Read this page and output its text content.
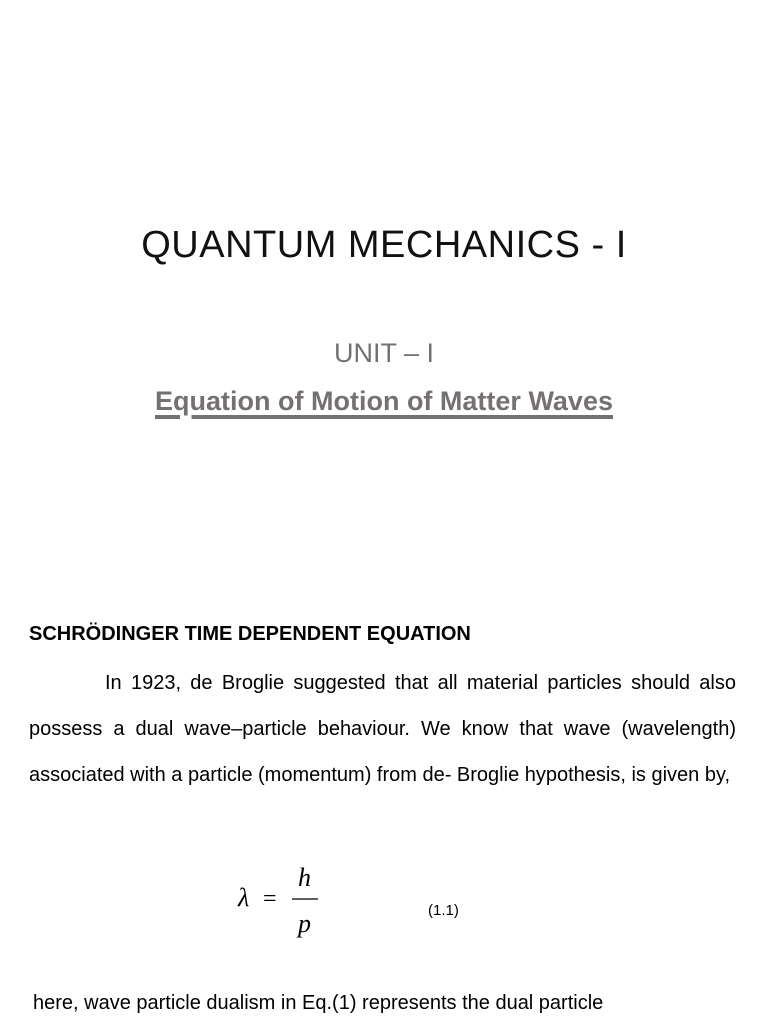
QUANTUM MECHANICS - I
UNIT – I
Equation of Motion of Matter Waves
SCHRÖDINGER TIME DEPENDENT EQUATION
In 1923, de Broglie suggested that all material particles should also possess a dual wave–particle behaviour. We know that wave (wavelength) associated with a particle (momentum) from de- Broglie hypothesis, is given by,
λ =
h
p	(1.1)
here, wave particle dualism in Eq.(1) represents the dual particle
